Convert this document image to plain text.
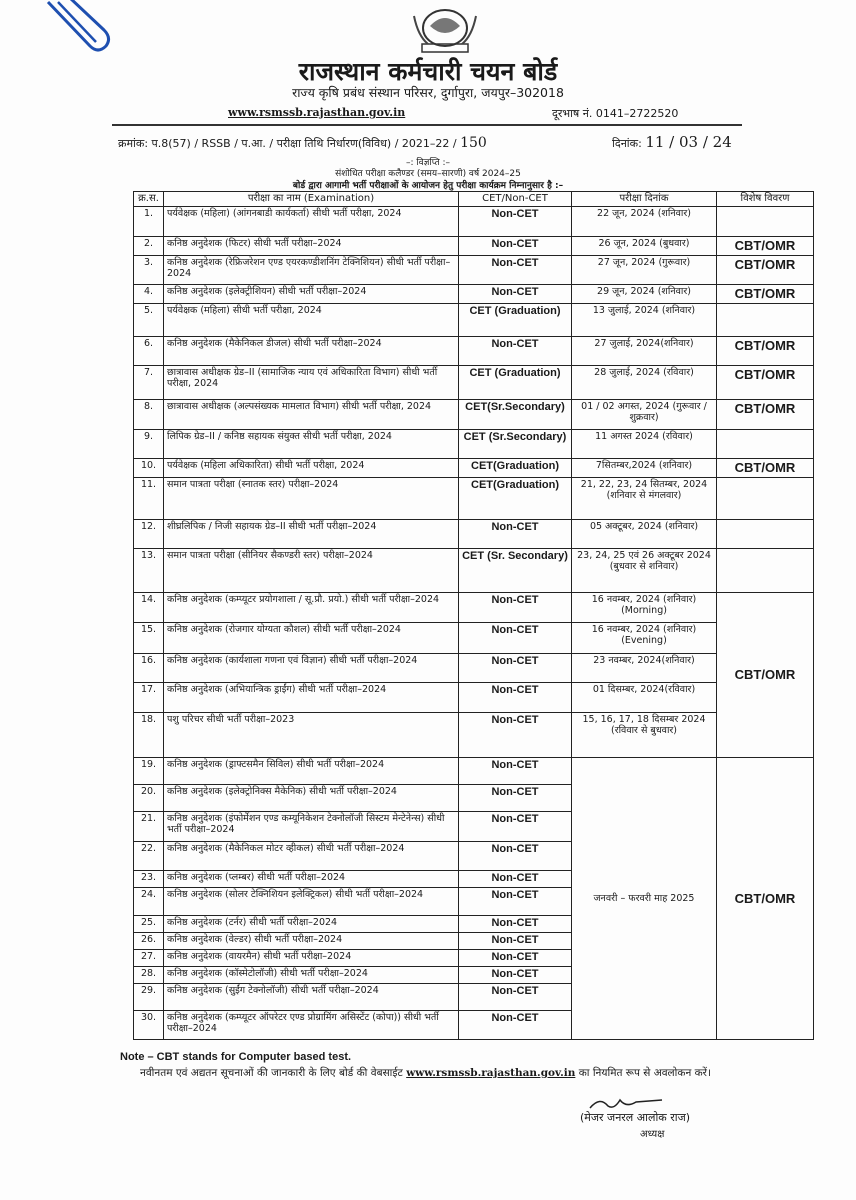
राजस्थान कर्मचारी चयन बोर्ड
राज्य कृषि प्रबंध संस्थान परिसर, दुर्गापुरा, जयपुर–302018
www.rsmssb.rajasthan.gov.in	दूरभाष नं. 0141–2722520
क्रमांक: प.8(57) / RSSB / प.आ. / परीक्षा तिथि निर्धारण(विविध) / 2021–22 / 150	दिनांक: 11 / 03 / 24
–: विज्ञप्ति :–
संशोधित परीक्षा कलैण्डर (समय–सारणी) वर्ष 2024–25
बोर्ड द्वारा आगामी भर्ती परीक्षाओं के आयोजन हेतु परीक्षा कार्यक्रम निम्नानुसार है :–
क्र.स.	परीक्षा का नाम (Examination)	CET/Non-CET	परीक्षा दिनांक	विशेष विवरण
1.	पर्यवेक्षक (महिला) (आंगनबाडी कार्यकर्ता) सीधी भर्ती परीक्षा, 2024	Non-CET	22 जून, 2024 (शनिवार)	
2.	कनिष्ठ अनुदेशक (फिटर) सीधी भर्ती परीक्षा–2024	Non-CET	26 जून, 2024 (बुधवार)	CBT/OMR
3.	कनिष्ठ अनुदेशक (रेफ्रिजरेशन एण्ड एयरकण्डीशनिंग टेक्निशियन) सीधी भर्ती परीक्षा–2024	Non-CET	27 जून, 2024 (गुरूवार)	CBT/OMR
4.	कनिष्ठ अनुदेशक (इलेक्ट्रीशियन) सीधी भर्ती परीक्षा–2024	Non-CET	29 जून, 2024 (शनिवार)	CBT/OMR
5.	पर्यवेक्षक (महिला) सीधी भर्ती परीक्षा, 2024	CET (Graduation)	13 जुलाई, 2024 (शनिवार)	
6.	कनिष्ठ अनुदेशक (मैकेनिकल डीजल) सीधी भर्ती परीक्षा–2024	Non-CET	27 जुलाई, 2024(शनिवार)	CBT/OMR
7.	छात्रावास अधीक्षक ग्रेड–II (सामाजिक न्याय एवं अधिकारिता विभाग) सीधी भर्ती परीक्षा, 2024	CET (Graduation)	28 जुलाई, 2024 (रविवार)	CBT/OMR
8.	छात्रावास अधीक्षक (अल्पसंख्यक मामलात विभाग) सीधी भर्ती परीक्षा, 2024	CET(Sr.Secondary)	01 / 02 अगस्त, 2024 (गुरूवार / शुक्रवार)	CBT/OMR
9.	लिपिक ग्रेड–II / कनिष्ठ सहायक संयुक्त सीधी भर्ती परीक्षा, 2024	CET (Sr.Secondary)	11 अगस्त 2024 (रविवार)	
10.	पर्यवेक्षक (महिला अधिकारिता) सीधी भर्ती परीक्षा, 2024	CET(Graduation)	7सितम्बर,2024 (शनिवार)	CBT/OMR
11.	समान पात्रता परीक्षा (स्नातक स्तर) परीक्षा–2024	CET(Graduation)	21, 22, 23, 24 सितम्बर, 2024 (शनिवार से मंगलवार)	
12.	शीघ्रलिपिक / निजी सहायक ग्रेड–II सीधी भर्ती परीक्षा–2024	Non-CET	05 अक्टूबर, 2024 (शनिवार)	
13.	समान पात्रता परीक्षा (सीनियर सैकण्डरी स्तर) परीक्षा–2024	CET (Sr. Secondary)	23, 24, 25 एवं 26 अक्टूबर 2024 (बुधवार से शनिवार)	
14.	कनिष्ठ अनुदेशक (कम्प्यूटर प्रयोगशाला / सू.प्रौ. प्रयो.) सीधी भर्ती परीक्षा–2024	Non-CET	16 नवम्बर, 2024 (शनिवार)(Morning)	CBT/OMR
15.	कनिष्ठ अनुदेशक (रोजगार योग्यता कौशल) सीधी भर्ती परीक्षा–2024	Non-CET	16 नवम्बर, 2024 (शनिवार)(Evening)	
16.	कनिष्ठ अनुदेशक (कार्यशाला गणना एवं विज्ञान) सीधी भर्ती परीक्षा–2024	Non-CET	23 नवम्बर, 2024(शनिवार)	
17.	कनिष्ठ अनुदेशक (अभियान्त्रिक ड्राईंग) सीधी भर्ती परीक्षा–2024	Non-CET	01 दिसम्बर, 2024(रविवार)	
18.	पशु परिचर सीधी भर्ती परीक्षा–2023	Non-CET	15, 16, 17, 18 दिसम्बर 2024 (रविवार से बुधवार)	
19.	कनिष्ठ अनुदेशक (ड्राफ्टसमैन सिविल) सीधी भर्ती परीक्षा–2024	Non-CET	जनवरी – फरवरी माह 2025	CBT/OMR
20.	कनिष्ठ अनुदेशक (इलेक्ट्रोनिक्स मैकेनिक) सीधी भर्ती परीक्षा–2024	Non-CET		
21.	कनिष्ठ अनुदेशक (इंफोर्मेशन एण्ड कम्यूनिकेशन टेक्नोलॉजी सिस्टम मेन्टेनेन्स) सीधी भर्ती परीक्षा–2024	Non-CET		
22.	कनिष्ठ अनुदेशक (मैकेनिकल मोटर व्हीकल) सीधी भर्ती परीक्षा–2024	Non-CET		
23.	कनिष्ठ अनुदेशक (प्लम्बर) सीधी भर्ती परीक्षा–2024	Non-CET		
24.	कनिष्ठ अनुदेशक (सोलर टेक्निशियन इलेक्ट्रिकल) सीधी भर्ती परीक्षा–2024	Non-CET		
25.	कनिष्ठ अनुदेशक (टर्नर) सीधी भर्ती परीक्षा–2024	Non-CET		
26.	कनिष्ठ अनुदेशक (वेल्डर) सीधी भर्ती परीक्षा–2024	Non-CET		
27.	कनिष्ठ अनुदेशक (वायरमैन) सीधी भर्ती परीक्षा–2024	Non-CET		
28.	कनिष्ठ अनुदेशक (कॉस्मेटोलॉजी) सीधी भर्ती परीक्षा–2024	Non-CET		
29.	कनिष्ठ अनुदेशक (सुईंग टेक्नोलॉजी) सीधी भर्ती परीक्षा–2024	Non-CET		
30.	कनिष्ठ अनुदेशक (कम्प्यूटर ऑपरेटर एण्ड प्रोग्रामिंग असिस्टेंट (कोपा)) सीधी भर्ती परीक्षा–2024	Non-CET		
Note – CBT stands for Computer based test.
नवीनतम एवं अद्यतन सूचनाओं की जानकारी के लिए बोर्ड की वेबसाईट www.rsmssb.rajasthan.gov.in का नियमित रूप से अवलोकन करें।
(मेजर जनरल आलोक राज)
अध्यक्ष
